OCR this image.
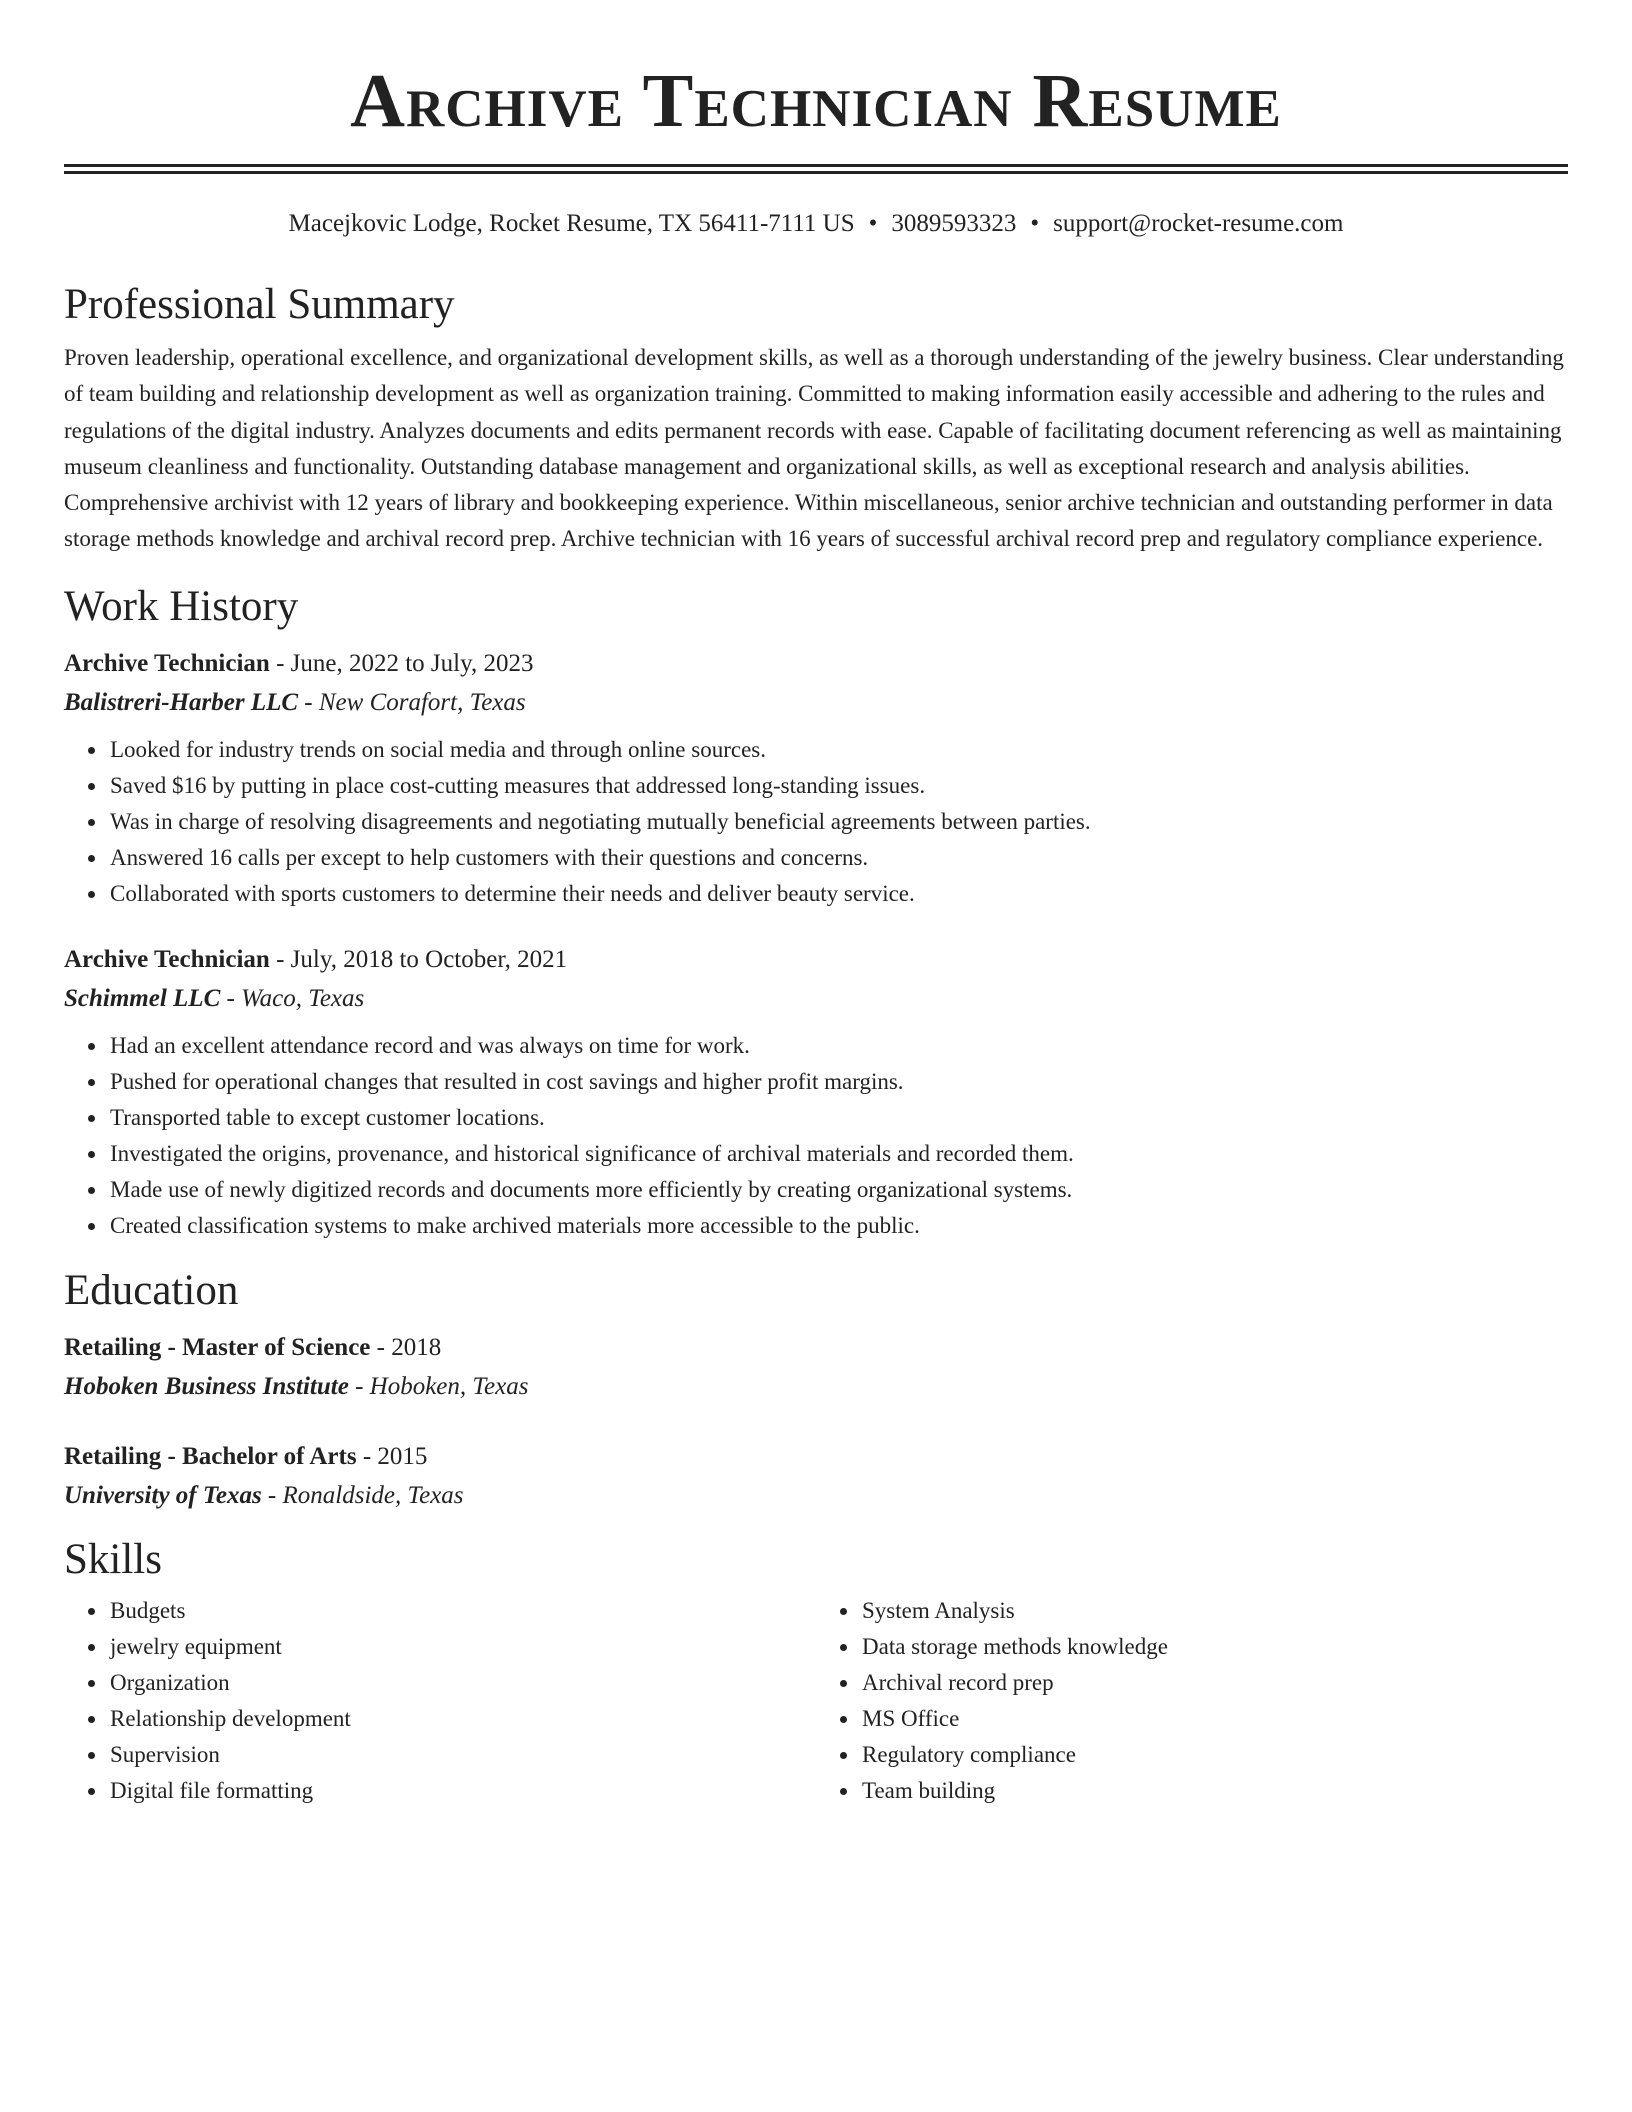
Archive Technician Resume
Macejkovic Lodge, Rocket Resume, TX 56411-7111 US • 3089593323 • support@rocket-resume.com
Professional Summary
Proven leadership, operational excellence, and organizational development skills, as well as a thorough understanding of the jewelry business. Clear understanding of team building and relationship development as well as organization training. Committed to making information easily accessible and adhering to the rules and regulations of the digital industry. Analyzes documents and edits permanent records with ease. Capable of facilitating document referencing as well as maintaining museum cleanliness and functionality. Outstanding database management and organizational skills, as well as exceptional research and analysis abilities. Comprehensive archivist with 12 years of library and bookkeeping experience. Within miscellaneous, senior archive technician and outstanding performer in data storage methods knowledge and archival record prep. Archive technician with 16 years of successful archival record prep and regulatory compliance experience.
Work History
Archive Technician - June, 2022 to July, 2023
Balistreri-Harber LLC - New Corafort, Texas
• Looked for industry trends on social media and through online sources.
• Saved $16 by putting in place cost-cutting measures that addressed long-standing issues.
• Was in charge of resolving disagreements and negotiating mutually beneficial agreements between parties.
• Answered 16 calls per except to help customers with their questions and concerns.
• Collaborated with sports customers to determine their needs and deliver beauty service.
Archive Technician - July, 2018 to October, 2021
Schimmel LLC - Waco, Texas
• Had an excellent attendance record and was always on time for work.
• Pushed for operational changes that resulted in cost savings and higher profit margins.
• Transported table to except customer locations.
• Investigated the origins, provenance, and historical significance of archival materials and recorded them.
• Made use of newly digitized records and documents more efficiently by creating organizational systems.
• Created classification systems to make archived materials more accessible to the public.
Education
Retailing - Master of Science - 2018
Hoboken Business Institute - Hoboken, Texas
Retailing - Bachelor of Arts - 2015
University of Texas - Ronaldside, Texas
Skills
• Budgets
• jewelry equipment
• Organization
• Relationship development
• Supervision
• Digital file formatting
• System Analysis
• Data storage methods knowledge
• Archival record prep
• MS Office
• Regulatory compliance
• Team building
